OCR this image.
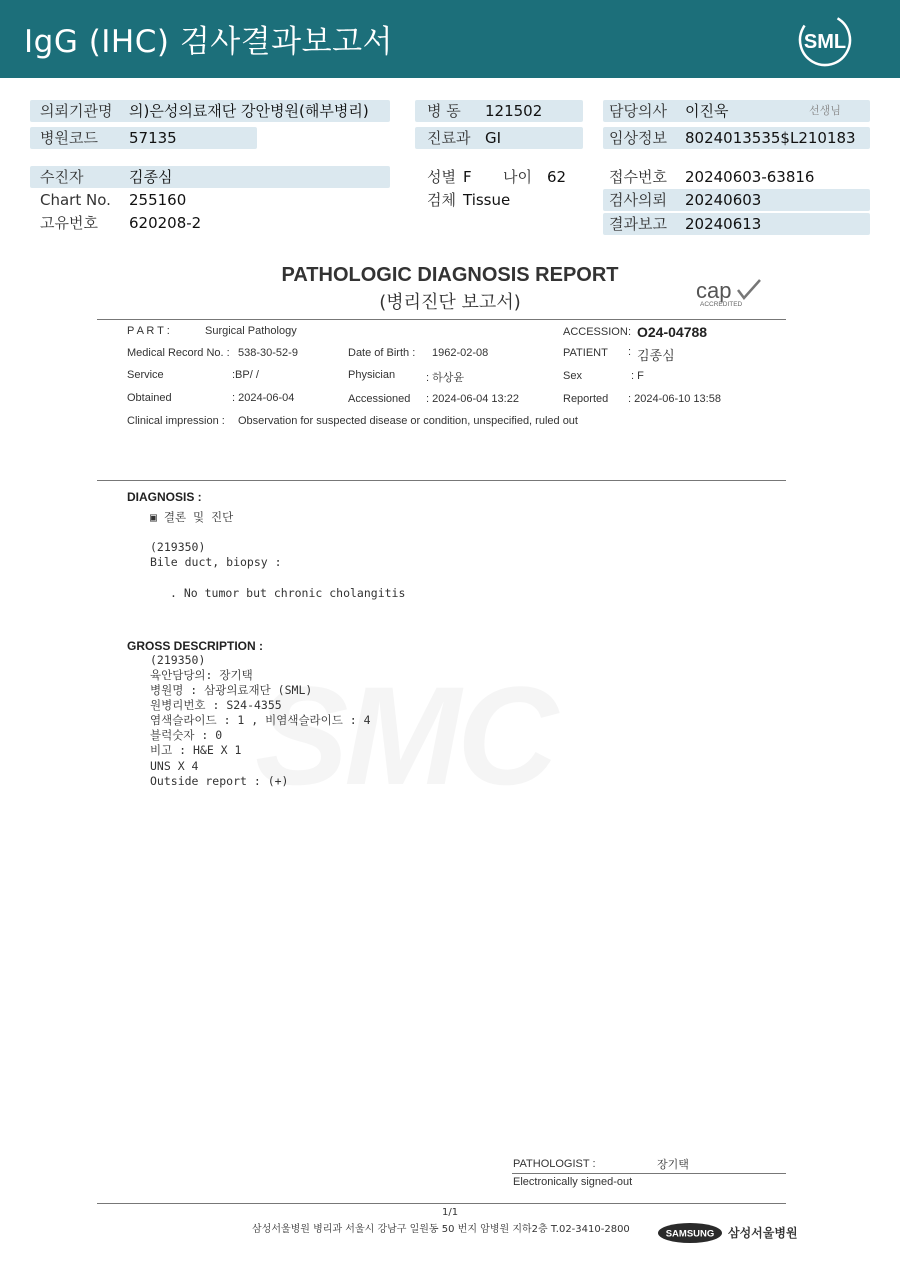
IgG (IHC) 검사결과보고서	SML
의뢰기관명 의)은성의료재단 강안병원(해부병리)	병 동 121502	담당의사 이진욱	선생님
병원코드 57135	진료과 GI	임상정보 8024013535$L210183
수진자	김종심	성별 F 나이 62	접수번호 20240603-63816
Chart No. 255160	검체 Tissue	검사의뢰 20240603
고유번호 620208-2	결과보고 20240613
PATHOLOGIC DIAGNOSIS REPORT
(병리진단 보고서)	cap
ACCREDITED
P A R T :	Surgical Pathology	ACCESSION : O24-04788
Medical Record No. : 538-30-52-9	Date of Birth : 1962-02-08	PATIENT : 김종심
Service	:BP/ /	Physician	: 하상윤	Sex	: F
Obtained	: 2024-06-04	Accessioned : 2024-06-04 13:22	Reported : 2024-06-10 13:58
Clinical impression : Observation for suspected disease or condition, unspecified, ruled out
DIAGNOSIS :
▣ 결론 및 진단
(219350)
Bile duct, biopsy :
. No tumor but chronic cholangitis
GROSS DESCRIPTION :
(219350)
육안담당의: 장기택
병원명 : 삼광의료재단 (SML)
원병리번호 : S24-4355
염색슬라이드 : 1 , 비염색슬라이드 : 4
블럭숫자 : 0
비고 : H&E X 1
UNS X 4
Outside report : (+)
PATHOLOGIST :	장기택
Electronically signed-out
1/1
삼성서울병원 병리과 서울시 강남구 일원동 50 번지 암병원 지하2층 T.02-3410-2800	SAMSUNG 삼성서울병원
